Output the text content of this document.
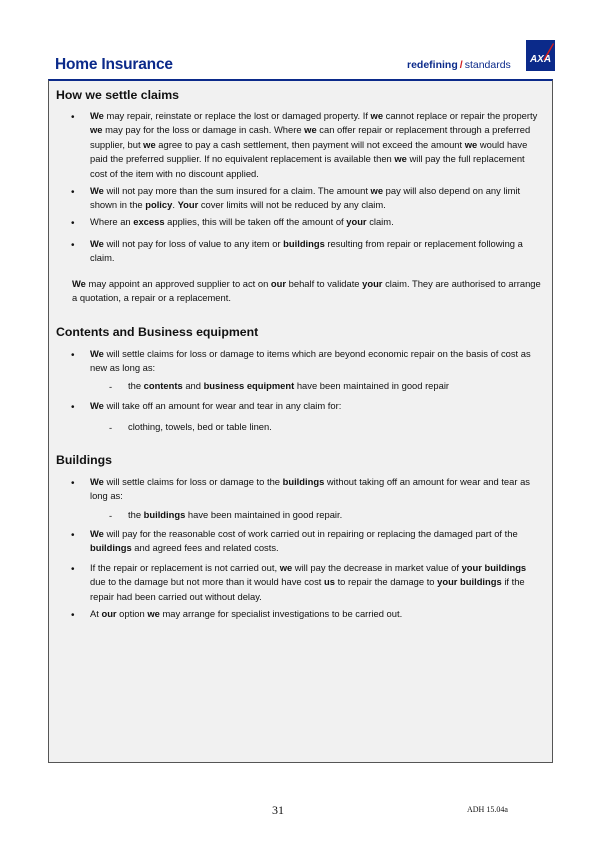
Home Insurance	redefining / standards AXA
How we settle claims
• We may repair, reinstate or replace the lost or damaged property. If we cannot replace or repair the property we may pay for the loss or damage in cash. Where we can offer repair or replacement through a preferred supplier, but we agree to pay a cash settlement, then payment will not exceed the amount we would have paid the preferred supplier. If no equivalent replacement is available then we will pay the full replacement cost of the item with no discount applied.
• We will not pay more than the sum insured for a claim. The amount we pay will also depend on any limit shown in the policy. Your cover limits will not be reduced by any claim.
• Where an excess applies, this will be taken off the amount of your claim.
• We will not pay for loss of value to any item or buildings resulting from repair or replacement following a claim.
We may appoint an approved supplier to act on our behalf to validate your claim. They are authorised to arrange a quotation, a repair or a replacement.
Contents and Business equipment
• We will settle claims for loss or damage to items which are beyond economic repair on the basis of cost as new as long as:
- the contents and business equipment have been maintained in good repair
• We will take off an amount for wear and tear in any claim for:
- clothing, towels, bed or table linen.
Buildings
• We will settle claims for loss or damage to the buildings without taking off an amount for wear and tear as long as:
- the buildings have been maintained in good repair.
• We will pay for the reasonable cost of work carried out in repairing or replacing the damaged part of the buildings and agreed fees and related costs.
• If the repair or replacement is not carried out, we will pay the decrease in market value of your buildings due to the damage but not more than it would have cost us to repair the damage to your buildings if the repair had been carried out without delay.
• At our option we may arrange for specialist investigations to be carried out.
31	ADH 15.04a
